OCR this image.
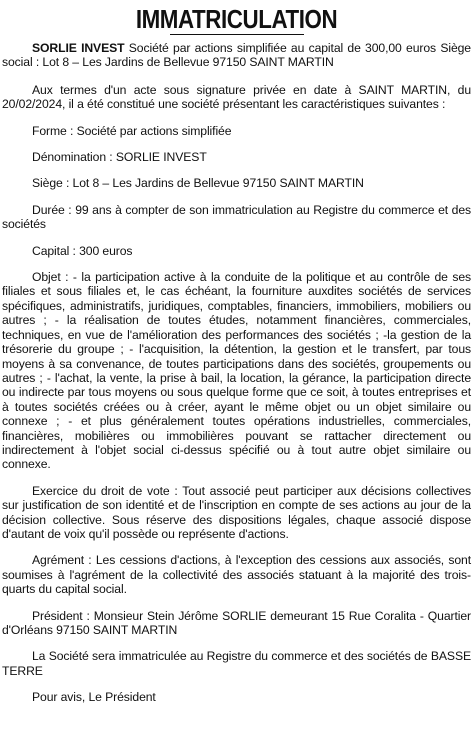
IMMATRICULATION

SORLIE INVEST Société par actions simplifiée au capital de 300,00 euros Siège social : Lot 8 – Les Jardins de Bellevue 97150 SAINT MARTIN

Aux termes d'un acte sous signature privée en date à SAINT MARTIN, du 20/02/2024, il a été constitué une société présentant les caractéristiques suivantes :

Forme : Société par actions simplifiée

Dénomination : SORLIE INVEST

Siège : Lot 8 – Les Jardins de Bellevue 97150 SAINT MARTIN

Durée : 99 ans à compter de son immatriculation au Registre du commerce et des sociétés

Capital : 300 euros

Objet : - la participation active à la conduite de la politique et au contrôle de ses filiales et sous filiales et, le cas échéant, la fourniture auxdites sociétés de services spécifiques, administratifs, juridiques, comptables, financiers, immobiliers, mobiliers ou autres ; - la réalisation de toutes études, notamment financières, commerciales, techniques, en vue de l'amélioration des performances des sociétés ; -la gestion de la trésorerie du groupe ; - l'acquisition, la détention, la gestion et le transfert, par tous moyens à sa convenance, de toutes participations dans des sociétés, groupements ou autres ; - l'achat, la vente, la prise à bail, la location, la gérance, la participation directe ou indirecte par tous moyens ou sous quelque forme que ce soit, à toutes entreprises et à toutes sociétés créées ou à créer, ayant le même objet ou un objet similaire ou connexe ; - et plus généralement toutes opérations industrielles, commerciales, financières, mobilières ou immobilières pouvant se rattacher directement ou indirectement à l'objet social ci-dessus spécifié ou à tout autre objet similaire ou connexe.

Exercice du droit de vote : Tout associé peut participer aux décisions collectives sur justification de son identité et de l'inscription en compte de ses actions au jour de la décision collective. Sous réserve des dispositions légales, chaque associé dispose d'autant de voix qu'il possède ou représente d'actions.

Agrément : Les cessions d'actions, à l'exception des cessions aux associés, sont soumises à l'agrément de la collectivité des associés statuant à la majorité des trois-quarts du capital social.

Président : Monsieur Stein Jérôme SORLIE demeurant 15 Rue Coralita - Quartier d'Orléans 97150 SAINT MARTIN

La Société sera immatriculée au Registre du commerce et des sociétés de BASSE TERRE

Pour avis, Le Président
